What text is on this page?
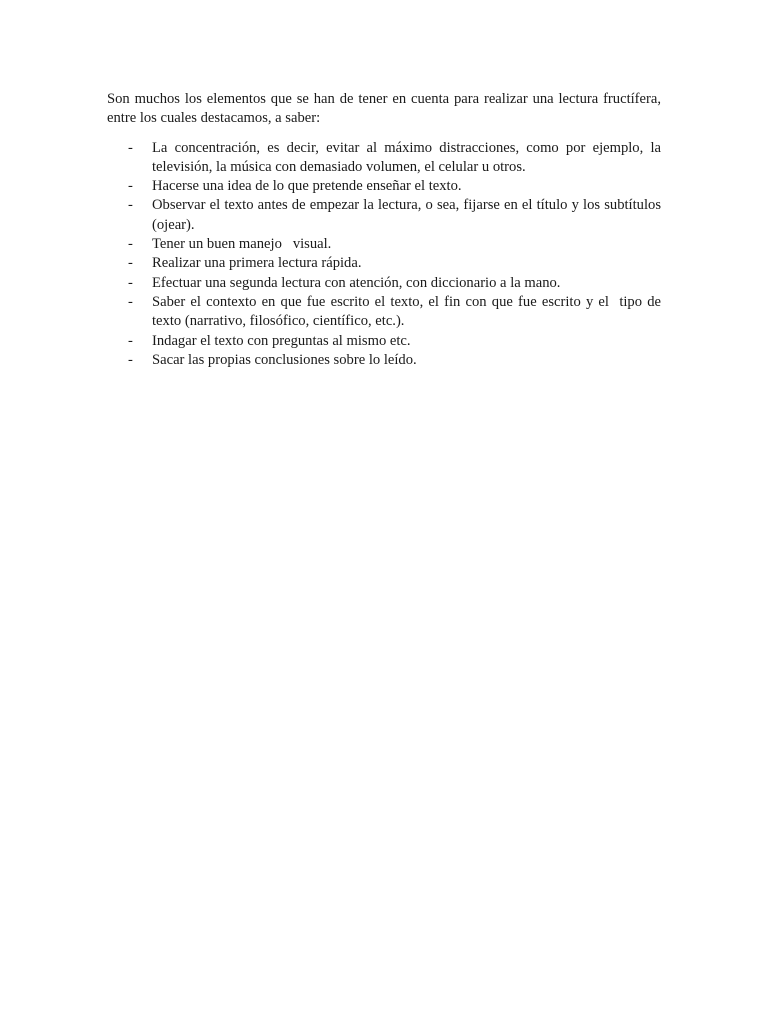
Son muchos los elementos que se han de tener en cuenta para realizar una lectura fructífera, entre los cuales destacamos, a saber:

- La concentración, es decir, evitar al máximo distracciones, como por ejemplo, la televisión, la música con demasiado volumen, el celular u otros.
- Hacerse una idea de lo que pretende enseñar el texto.
- Observar el texto antes de empezar la lectura, o sea, fijarse en el título y los subtítulos (ojear).
- Tener un buen manejo   visual.
- Realizar una primera lectura rápida.
- Efectuar una segunda lectura con atención, con diccionario a la mano.
- Saber el contexto en que fue escrito el texto, el fin con que fue escrito y el  tipo de texto (narrativo, filosófico, científico, etc.).
- Indagar el texto con preguntas al mismo etc.
- Sacar las propias conclusiones sobre lo leído.
